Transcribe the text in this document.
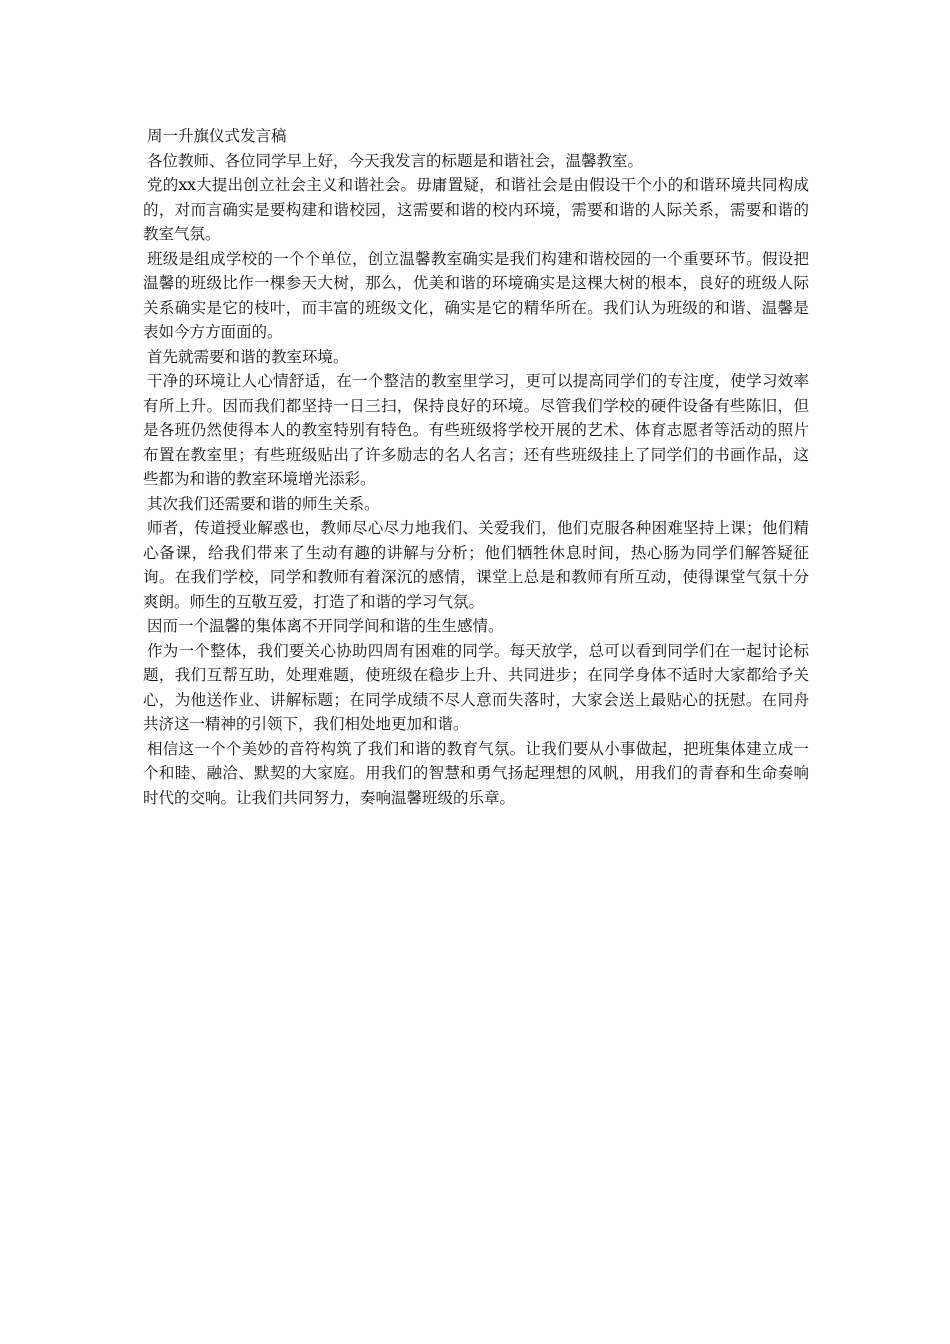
周一升旗仪式发言稿

各位教师、各位同学早上好，今天我发言的标题是和谐社会，温馨教室。

党的xx大提出创立社会主义和谐社会。毋庸置疑，和谐社会是由假设干个小的和谐环境共同构成的，对而言确实是要构建和谐校园，这需要和谐的校内环境，需要和谐的人际关系，需要和谐的教室气氛。

班级是组成学校的一个个单位，创立温馨教室确实是我们构建和谐校园的一个重要环节。假设把温馨的班级比作一棵参天大树，那么，优美和谐的环境确实是这棵大树的根本，良好的班级人际关系确实是它的枝叶，而丰富的班级文化，确实是它的精华所在。我们认为班级的和谐、温馨是表如今方方面面的。

首先就需要和谐的教室环境。

干净的环境让人心情舒适，在一个整洁的教室里学习，更可以提高同学们的专注度，使学习效率有所上升。因而我们都坚持一日三扫，保持良好的环境。尽管我们学校的硬件设备有些陈旧，但是各班仍然使得本人的教室特别有特色。有些班级将学校开展的艺术、体育志愿者等活动的照片布置在教室里；有些班级贴出了许多励志的名人名言；还有些班级挂上了同学们的书画作品，这些都为和谐的教室环境增光添彩。

其次我们还需要和谐的师生关系。

师者，传道授业解惑也，教师尽心尽力地我们、关爱我们，他们克服各种困难坚持上课；他们精心备课，给我们带来了生动有趣的讲解与分析；他们牺牲休息时间，热心肠为同学们解答疑征询。在我们学校，同学和教师有着深沉的感情，课堂上总是和教师有所互动，使得课堂气氛十分爽朗。师生的互敬互爱，打造了和谐的学习气氛。

因而一个温馨的集体离不开同学间和谐的生生感情。

作为一个整体，我们要关心协助四周有困难的同学。每天放学，总可以看到同学们在一起讨论标题，我们互帮互助，处理难题，使班级在稳步上升、共同进步；在同学身体不适时大家都给予关心，为他送作业、讲解标题；在同学成绩不尽人意而失落时，大家会送上最贴心的抚慰。在同舟共济这一精神的引领下，我们相处地更加和谐。

相信这一个个美妙的音符构筑了我们和谐的教育气氛。让我们要从小事做起，把班集体建立成一个和睦、融洽、默契的大家庭。用我们的智慧和勇气扬起理想的风帆，用我们的青春和生命奏响时代的交响。让我们共同努力，奏响温馨班级的乐章。
